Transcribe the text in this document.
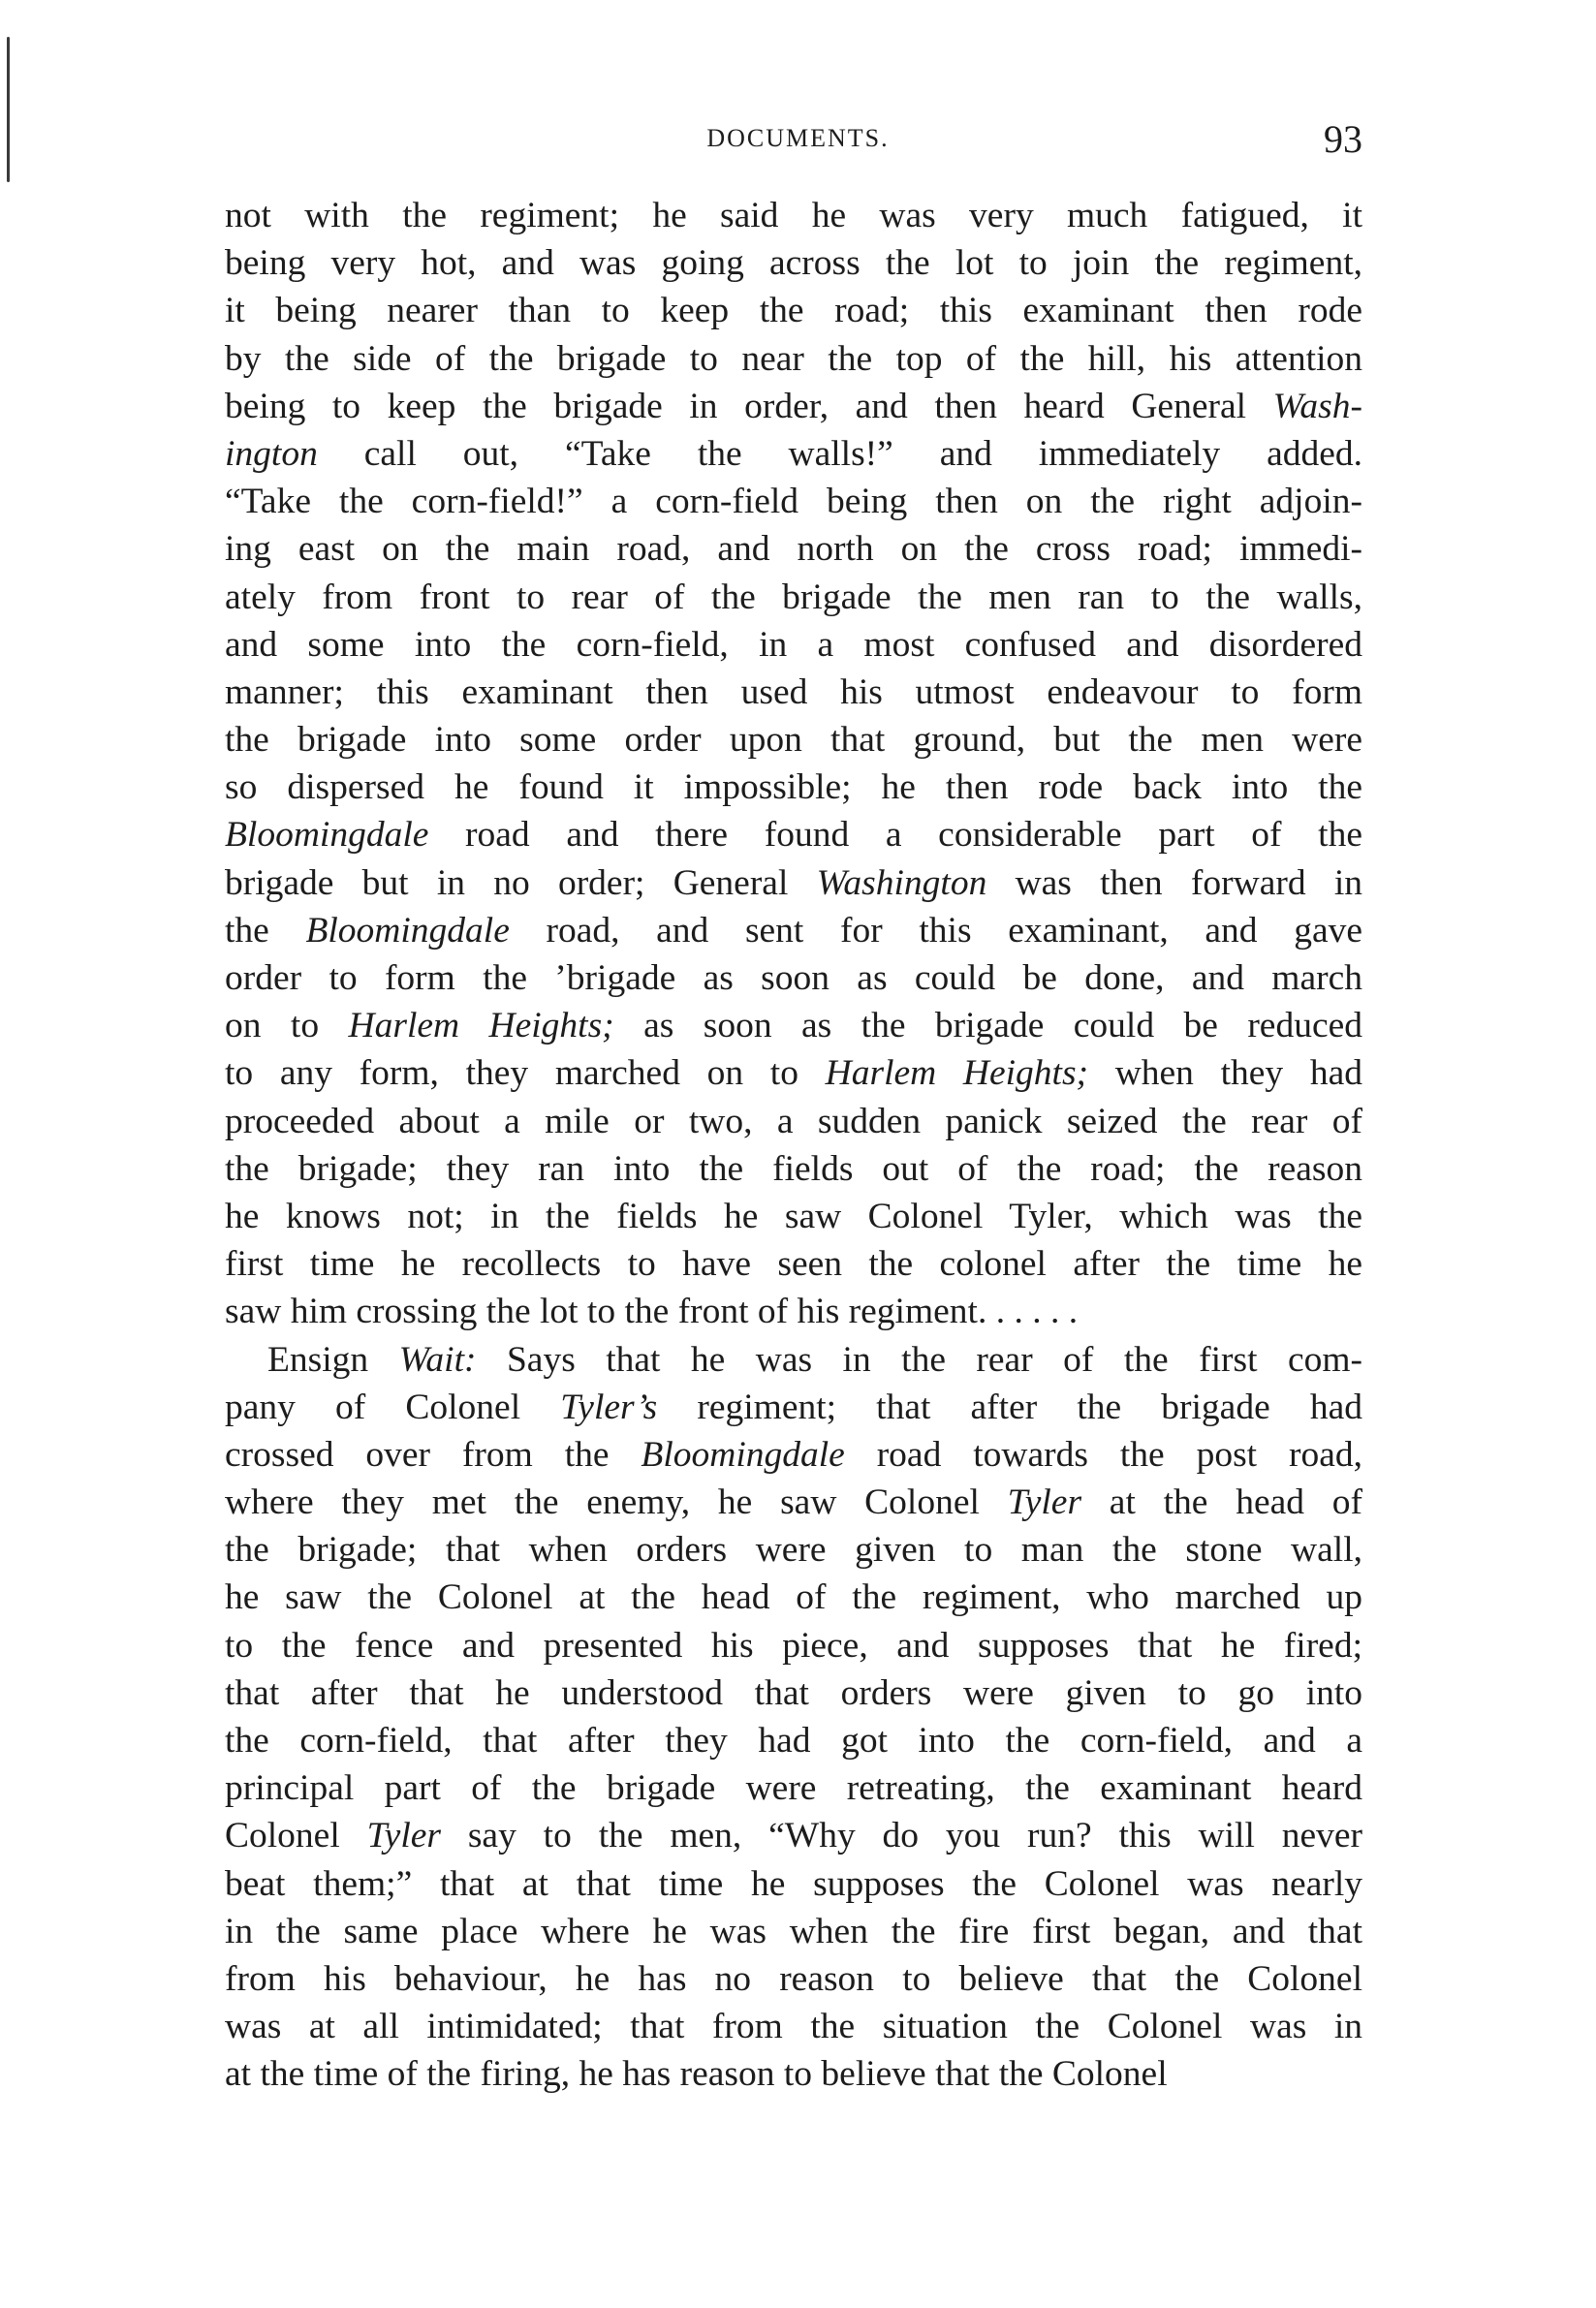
DOCUMENTS.	93
not with the regiment; he said he was very much fatigued, it
being very hot, and was going across the lot to join the regiment,
it being nearer than to keep the road; this examinant then rode
by the side of the brigade to near the top of the hill, his attention
being to keep the brigade in order, and then heard General Wash-
ington call out, “Take the walls!” and immediately added.
“Take the corn-field!” a corn-field being then on the right adjoin-
ing east on the main road, and north on the cross road; immedi-
ately from front to rear of the brigade the men ran to the walls,
and some into the corn-field, in a most confused and disordered
manner; this examinant then used his utmost endeavour to form
the brigade into some order upon that ground, but the men were
so dispersed he found it impossible; he then rode back into the
Bloomingdale road and there found a considerable part of the
brigade but in no order; General Washington was then forward in
the Bloomingdale road, and sent for this examinant, and gave
order to form the ’brigade as soon as could be done, and march
on to Harlem Heights; as soon as the brigade could be reduced
to any form, they marched on to Harlem Heights; when they had
proceeded about a mile or two, a sudden panick seized the rear of
the brigade; they ran into the fields out of the road; the reason
he knows not; in the fields he saw Colonel Tyler, which was the
first time he recollects to have seen the colonel after the time he
saw him crossing the lot to the front of his regiment. . . . . .
Ensign Wait: Says that he was in the rear of the first com-
pany of Colonel Tyler’s regiment; that after the brigade had
crossed over from the Bloomingdale road towards the post road,
where they met the enemy, he saw Colonel Tyler at the head of
the brigade; that when orders were given to man the stone wall,
he saw the Colonel at the head of the regiment, who marched up
to the fence and presented his piece, and supposes that he fired;
that after that he understood that orders were given to go into
the corn-field, that after they had got into the corn-field, and a
principal part of the brigade were retreating, the examinant heard
Colonel Tyler say to the men, “Why do you run? this will never
beat them;” that at that time he supposes the Colonel was nearly
in the same place where he was when the fire first began, and that
from his behaviour, he has no reason to believe that the Colonel
was at all intimidated; that from the situation the Colonel was in
at the time of the firing, he has reason to believe that the Colonel
